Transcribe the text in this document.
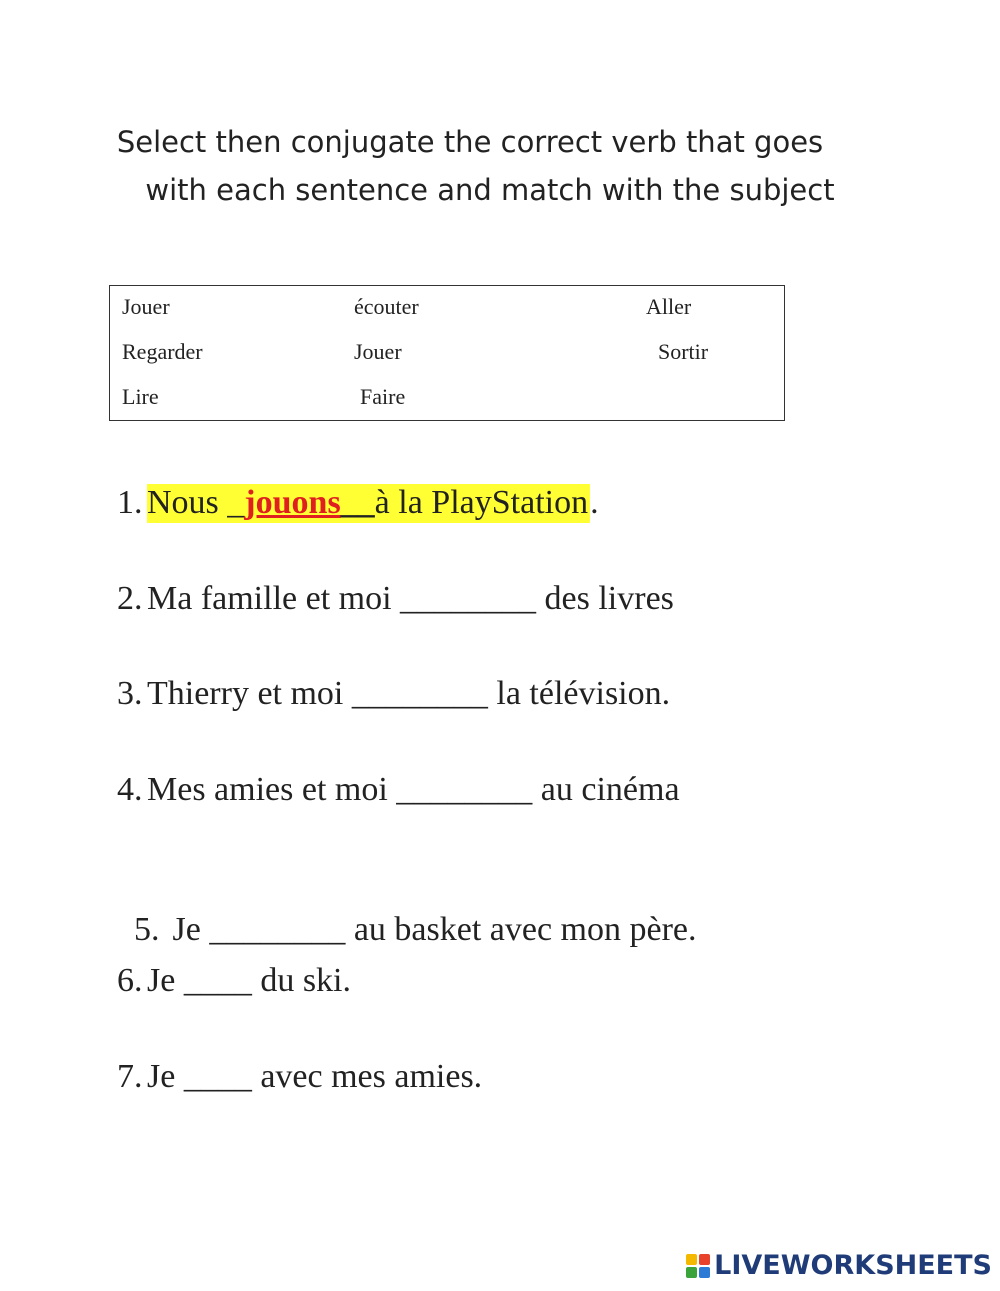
Select then conjugate the correct verb that goes
with each sentence and match with the subject
Jouer	écouter	Aller
Regarder	Jouer	Sortir
Lire	Faire
1. Nous _jouons__à la PlayStation.
2. Ma famille et moi ________ des livres
3. Thierry et moi ________ la télévision.
4. Mes amies et moi ________ au cinéma

5. Je ________ au basket avec mon père.

6. Je ____ du ski.
7. Je ____ avec mes amies.
LIVEWORKSHEETS
